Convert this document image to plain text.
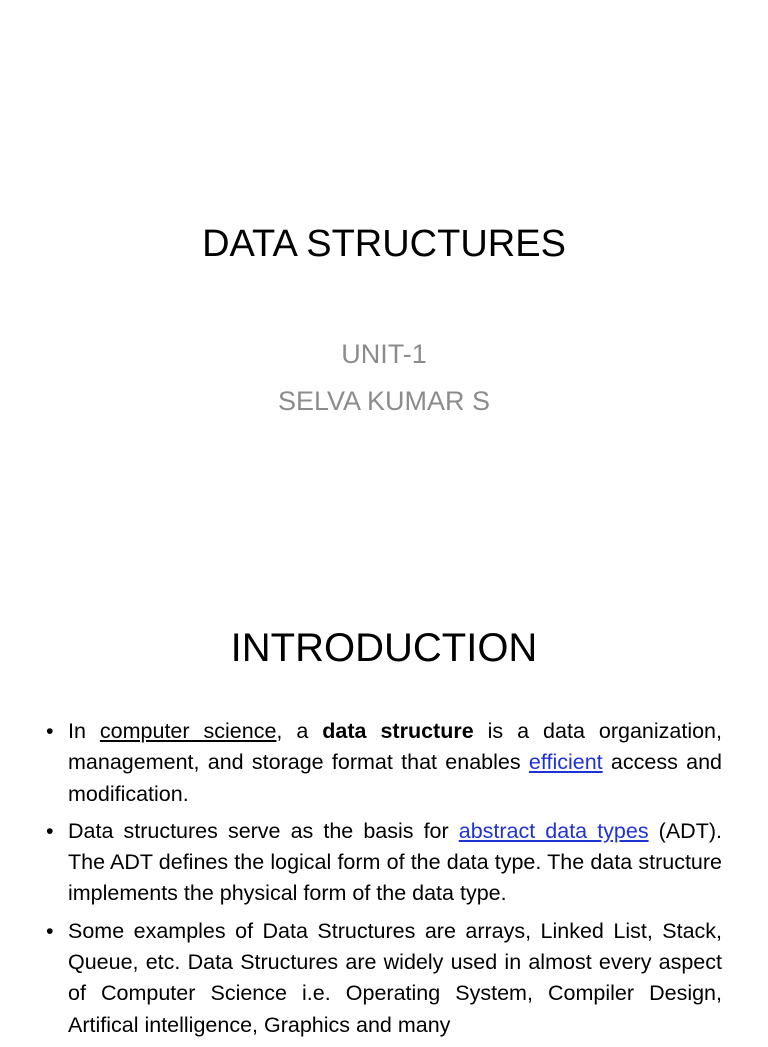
DATA STRUCTURES
UNIT-1
SELVA KUMAR S
INTRODUCTION
• In computer science, a data structure is a data organization, management, and storage format that enables efficient access and modification.
• Data structures serve as the basis for abstract data types (ADT). The ADT defines the logical form of the data type. The data structure implements the physical form of the data type.
• Some examples of Data Structures are arrays, Linked List, Stack, Queue, etc. Data Structures are widely used in almost every aspect of Computer Science i.e. Operating System, Compiler Design, Artifical intelligence, Graphics and many
